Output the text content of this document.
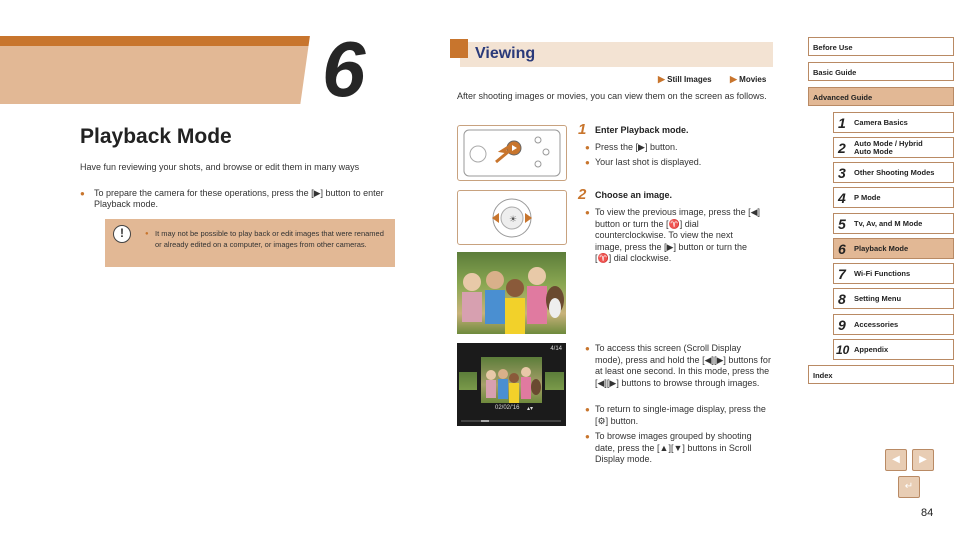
6
Playback Mode
Have fun reviewing your shots, and browse or edit them in many ways
● To prepare the camera for these operations, press the [▶] button to enter Playback mode.
!	● It may not be possible to play back or edit images that were renamed or already edited on a computer, or images from other cameras.
Viewing
▶ Still Images ▶ Movies
After shooting images or movies, you can view them on the screen as follows.
1 Enter Playback mode.
● Press the [▶] button.
● Your last shot is displayed.
☀
2 Choose an image.
● To view the previous image, press the [◀] button or turn the [♈] dial counterclockwise. To view the next image, press the [▶] button or turn the [♈] dial clockwise.
4/14
02/02/'16 ▴▾
● To access this screen (Scroll Display mode), press and hold the [◀][▶] buttons for at least one second. In this mode, press the [◀][▶] buttons to browse through images.
● To return to single-image display, press the [⚙] button.
● To browse images grouped by shooting date, press the [▲][▼] buttons in Scroll Display mode.
Before Use
Basic Guide
Advanced Guide
1 Camera Basics
2 Auto Mode / Hybrid Auto Mode
3 Other Shooting Modes
4 P Mode
5 Tv, Av, and M Mode
6 Playback Mode
7 Wi-Fi Functions
8 Setting Menu
9 Accessories
10 Appendix
Index
◀	▶
↵
84
